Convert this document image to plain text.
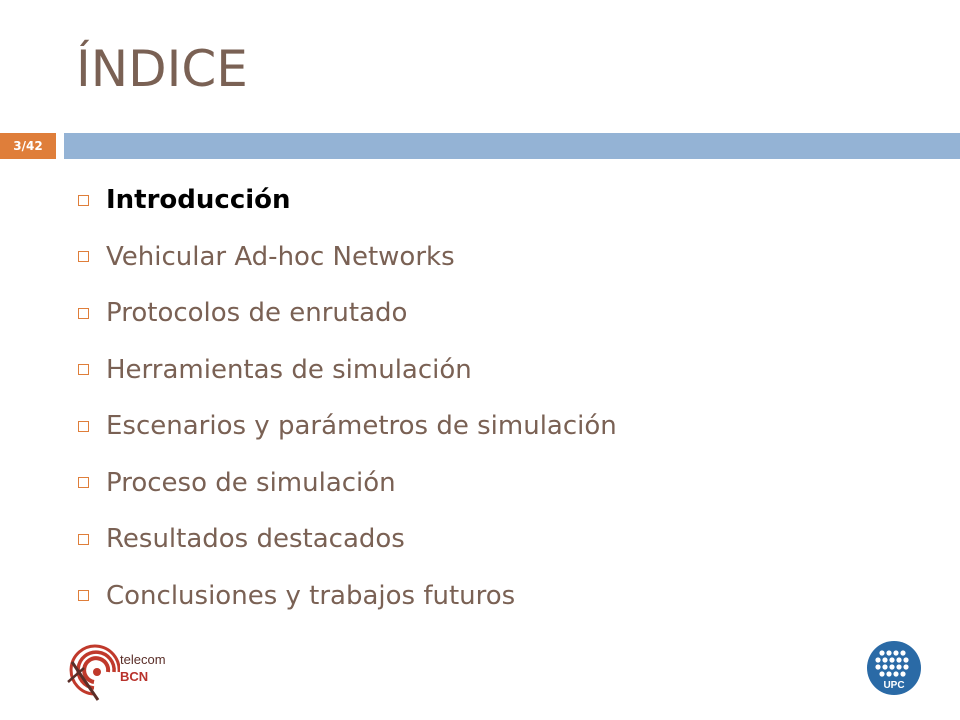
ÍNDICE
3/42
Introducción
Vehicular Ad-hoc Networks
Protocolos de enrutado
Herramientas de simulación
Escenarios y parámetros de simulación
Proceso de simulación
Resultados destacados
Conclusiones y trabajos futuros
telecom
BCN
UPC
